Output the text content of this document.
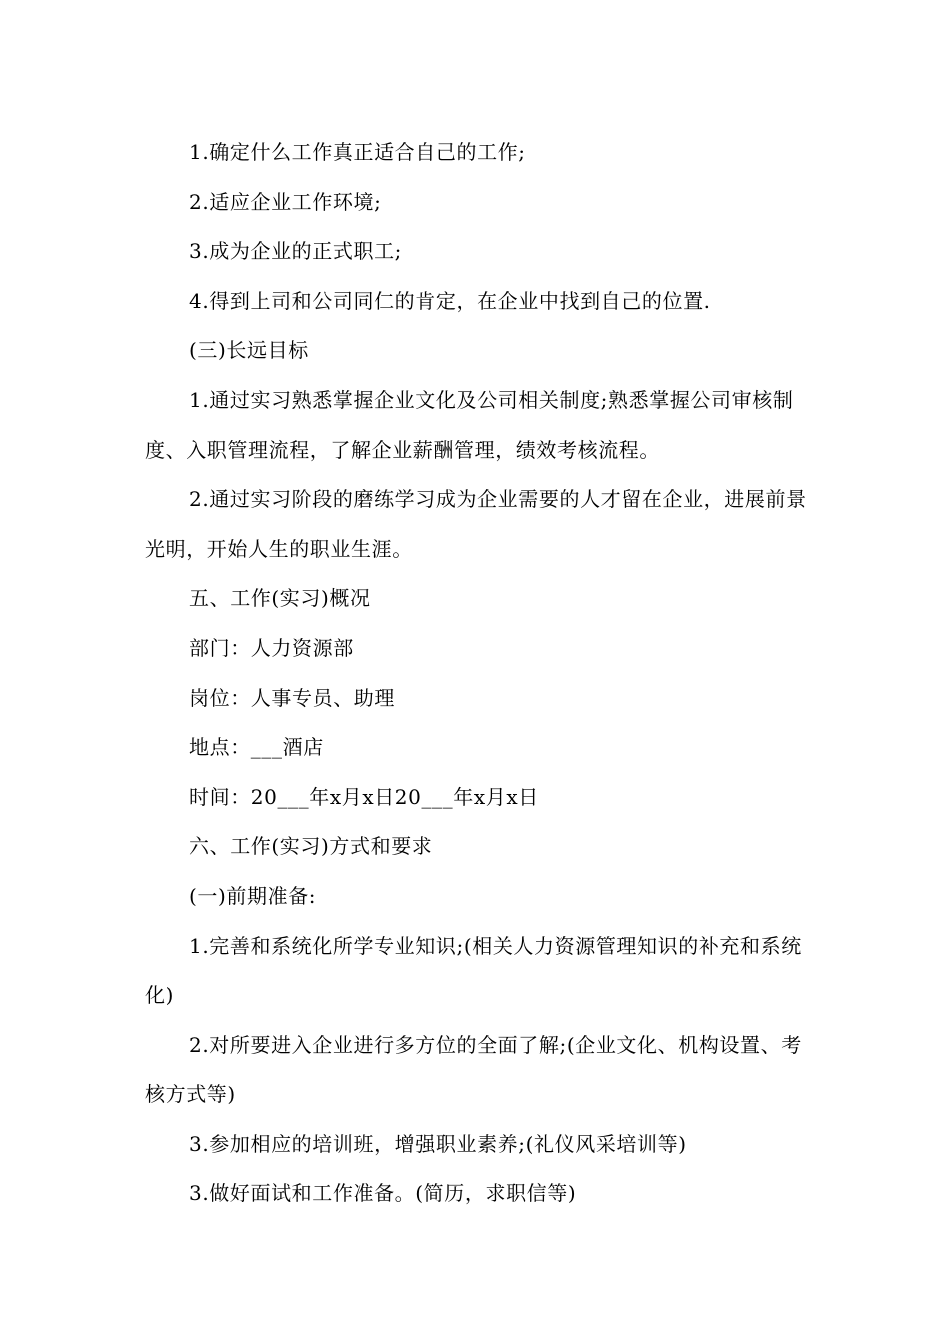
1.确定什么工作真正适合自己的工作;

2.适应企业工作环境;

3.成为企业的正式职工;

4.得到上司和公司同仁的肯定，在企业中找到自己的位置.

(三)长远目标

1.通过实习熟悉掌握企业文化及公司相关制度;熟悉掌握公司审核制度、入职管理流程，了解企业薪酬管理，绩效考核流程。

2.通过实习阶段的磨练学习成为企业需要的人才留在企业，进展前景光明，开始人生的职业生涯。

五、工作(实习)概况

部门：人力资源部

岗位：人事专员、助理

地点：___酒店

时间：20___年x月x日20___年x月x日

六、工作(实习)方式和要求

(一)前期准备:

1.完善和系统化所学专业知识;(相关人力资源管理知识的补充和系统化)

2.对所要进入企业进行多方位的全面了解;(企业文化、机构设置、考核方式等)

3.参加相应的培训班，增强职业素养;(礼仪风采培训等)

3.做好面试和工作准备。(简历，求职信等)
